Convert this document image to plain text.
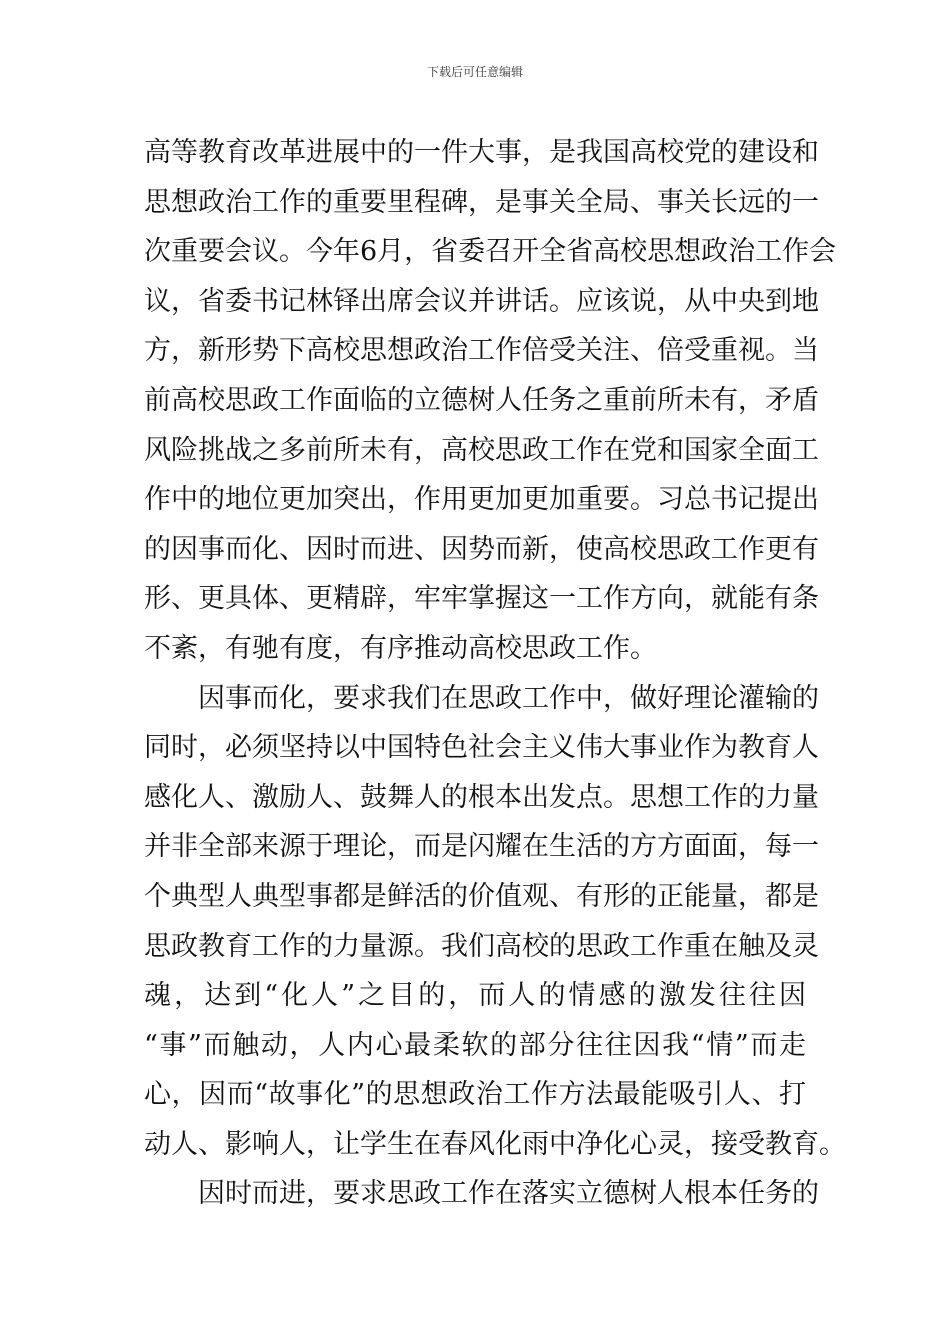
下载后可任意编辑
高等教育改革进展中的一件大事，是我国高校党的建设和
思想政治工作的重要里程碑，是事关全局、事关长远的一
次重要会议。今年6月，省委召开全省高校思想政治工作会
议，省委书记林铎出席会议并讲话。应该说，从中央到地
方，新形势下高校思想政治工作倍受关注、倍受重视。当
前高校思政工作面临的立德树人任务之重前所未有，矛盾
风险挑战之多前所未有，高校思政工作在党和国家全面工
作中的地位更加突出，作用更加更加重要。习总书记提出
的因事而化、因时而进、因势而新，使高校思政工作更有
形、更具体、更精辟，牢牢掌握这一工作方向，就能有条
不紊，有驰有度，有序推动高校思政工作。
因事而化，要求我们在思政工作中，做好理论灌输的
同时，必须坚持以中国特色社会主义伟大事业作为教育人
感化人、激励人、鼓舞人的根本出发点。思想工作的力量
并非全部来源于理论，而是闪耀在生活的方方面面，每一
个典型人典型事都是鲜活的价值观、有形的正能量，都是
思政教育工作的力量源。我们高校的思政工作重在触及灵
魂，达到“化人”之目的，而人的情感的激发往往因
“事”而触动，人内心最柔软的部分往往因我“情”而走
心，因而“故事化”的思想政治工作方法最能吸引人、打
动人、影响人，让学生在春风化雨中净化心灵，接受教育。
因时而进，要求思政工作在落实立德树人根本任务的
